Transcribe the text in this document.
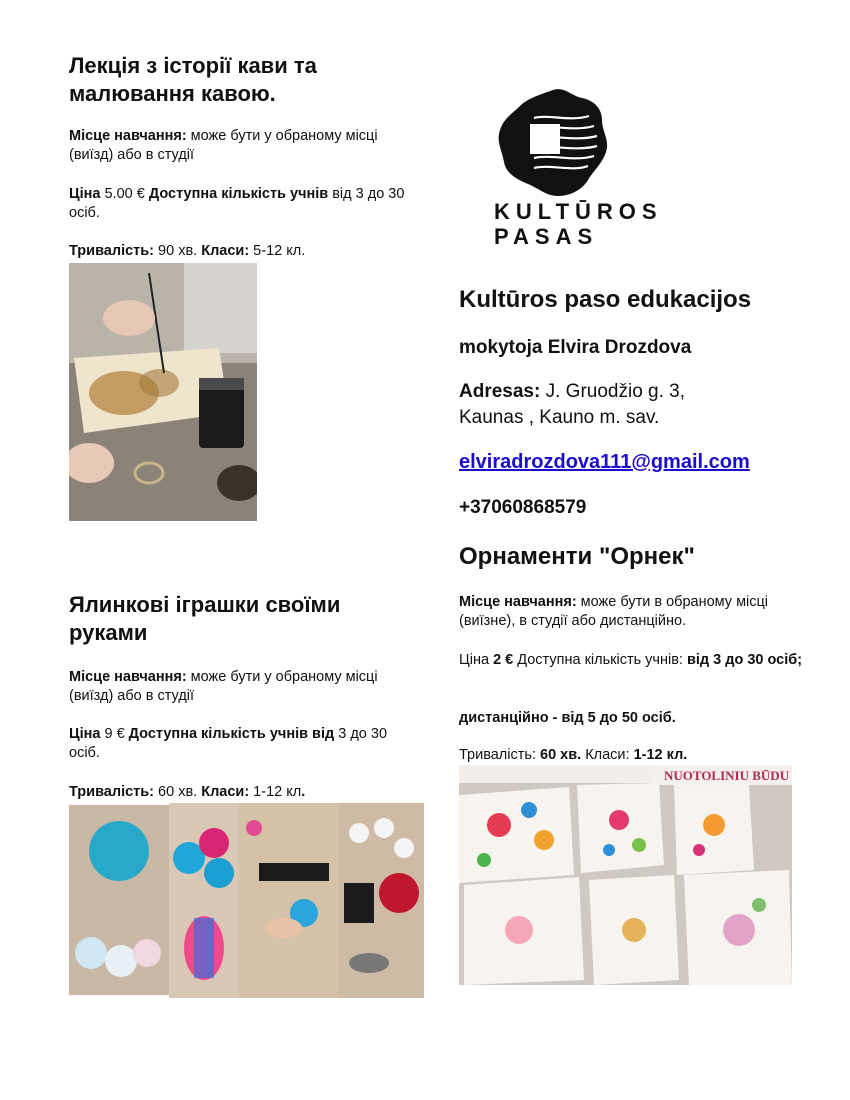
Лекція з історії кави та малювання кавою.
Місце навчання: може бути у обраному місці (виїзд) або в студії
Ціна 5.00 € Доступна кількість учнів від 3 до 30 осіб.
Тривалість: 90 хв. Класи: 5-12 кл.
Ялинкові іграшки своїми руками
Місце навчання: може бути у обраному місці (виїзд) або в студії
Ціна 9 € Доступна кількість учнів від 3 до 30 осіб.
Тривалість: 60 хв. Класи: 1-12 кл.
KULTŪROS
PASAS
Kultūros paso edukacijos
mokytoja Elvira Drozdova
Adresas: J. Gruodžio g. 3, Kaunas , Kauno m. sav.
elviradrozdova111@gmail.com
+37060868579
Орнаменти "Орнек"
Місце навчання: може бути в обраному місці (виїзне), в студії або дистанційно.
Ціна 2 € Доступна кількість учнів: від 3 до 30 осіб;
дистанційно - від 5 до 50 осіб.
Тривалість: 60 хв. Класи: 1-12 кл.
NUOTOLINIU BŪDU
